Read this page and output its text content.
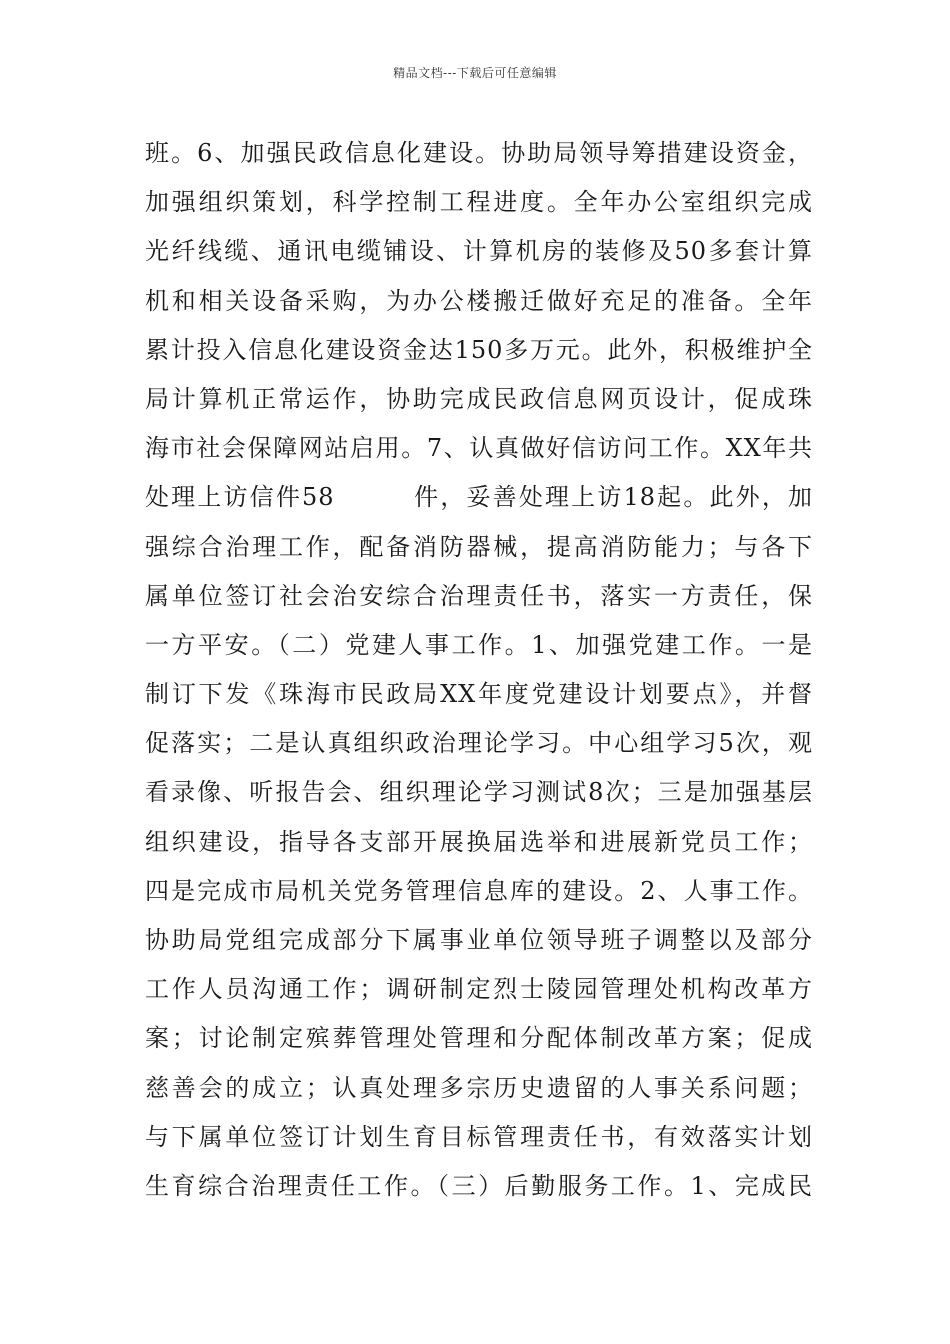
精品文档---下载后可任意编辑
班。6、加强民政信息化建设。协助局领导筹措建设资金，
加强组织策划，科学控制工程进度。全年办公室组织完成
光纤线缆、通讯电缆铺设、计算机房的装修及50多套计算
机和相关设备采购，为办公楼搬迁做好充足的准备。全年
累计投入信息化建设资金达150多万元。此外，积极维护全
局计算机正常运作，协助完成民政信息网页设计，促成珠
海市社会保障网站启用。7、认真做好信访问工作。XX年共
处理上访信件58　　　件，妥善处理上访18起。此外，加
强综合治理工作，配备消防器械，提高消防能力；与各下
属单位签订社会治安综合治理责任书，落实一方责任，保
一方平安。（二）党建人事工作。1、加强党建工作。一是
制订下发《珠海市民政局XX年度党建设计划要点》，并督
促落实；二是认真组织政治理论学习。中心组学习5次，观
看录像、听报告会、组织理论学习测试8次；三是加强基层
组织建设，指导各支部开展换届选举和进展新党员工作；
四是完成市局机关党务管理信息库的建设。2、人事工作。
协助局党组完成部分下属事业单位领导班子调整以及部分
工作人员沟通工作；调研制定烈士陵园管理处机构改革方
案；讨论制定殡葬管理处管理和分配体制改革方案；促成
慈善会的成立；认真处理多宗历史遗留的人事关系问题；
与下属单位签订计划生育目标管理责任书，有效落实计划
生育综合治理责任工作。（三）后勤服务工作。1、完成民
